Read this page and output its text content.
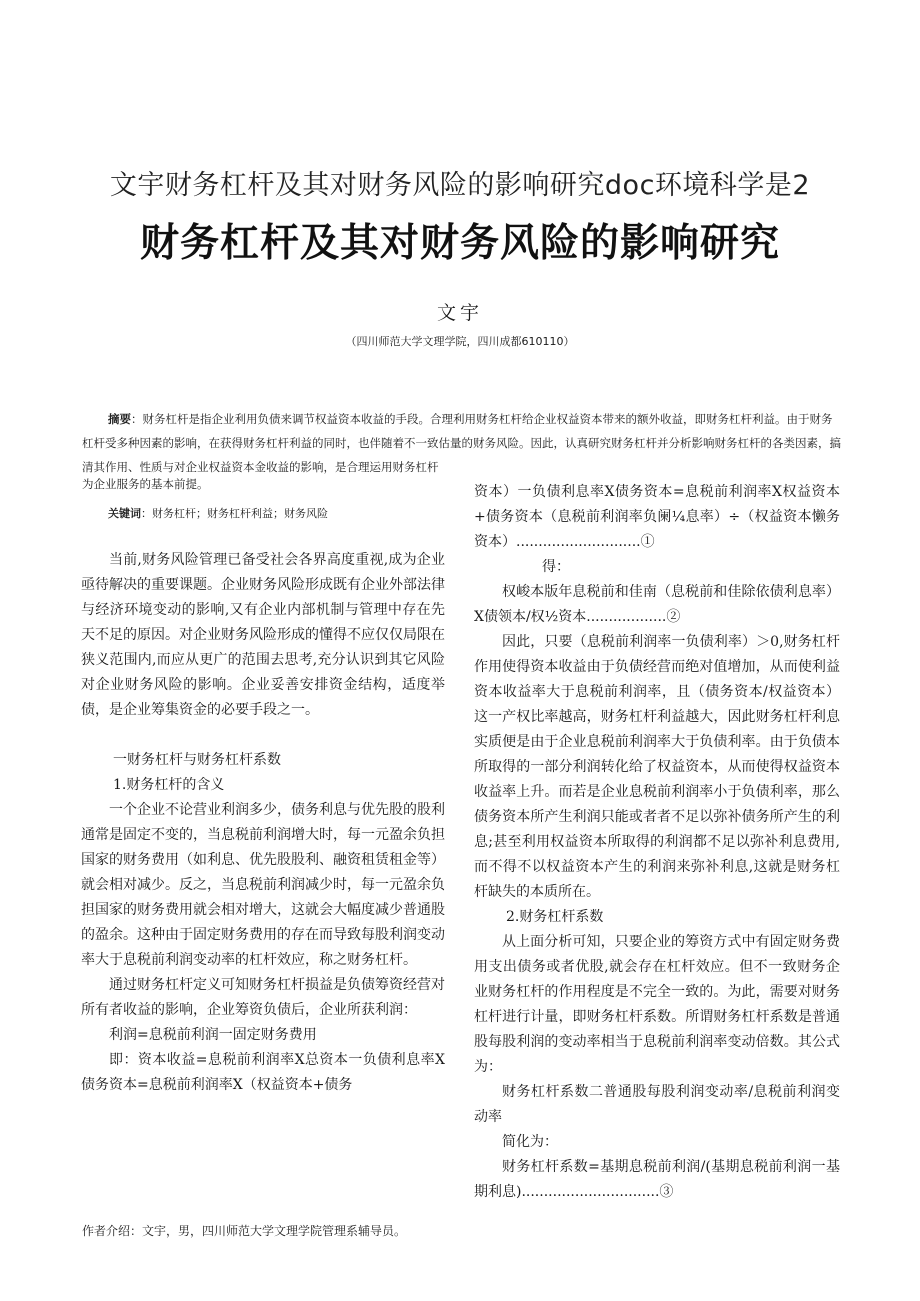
文宇财务杠杆及其对财务风险的影响研究doc环境科学是2
财务杠杆及其对财务风险的影响研究
文宇
（四川师范大学文理学院，四川成都610110）
摘要：财务杠杆是指企业利用负债来调节权益资本收益的手段。合理利用财务杠杆给企业权益资本带来的额外收益，即财务杠杆利益。由于财务杠杆受多种因素的影响，在获得财务杠杆利益的同时，也伴随着不一致估量的财务风险。因此，认真研究财务杠杆并分析影响财务杠杆的各类因素，搞清其作用、性质与对企业权益资本金收益的影响，是合理运用财务杠杆
为企业服务的基本前提。
关键词：财务杠杆；财务杠杆利益；财务风险

当前,财务风险管理已备受社会各界高度重视,成为企业亟待解决的重要课题。企业财务风险形成既有企业外部法律与经济环境变动的影响,又有企业内部机制与管理中存在先天不足的原因。对企业财务风险形成的懂得不应仅仅局限在狭义范围内,而应从更广的范围去思考,充分认识到其它风险对企业财务风险的影响。企业妥善安排资金结构，适度举债，是企业筹集资金的必要手段之一。

一财务杠杆与财务杠杆系数

1.财务杠杆的含义

一个企业不论营业利润多少，债务利息与优先股的股利通常是固定不变的，当息税前利润增大时，每一元盈余负担国家的财务费用（如利息、优先股股利、融资租赁租金等）就会相对减少。反之，当息税前利润减少时，每一元盈余负担国家的财务费用就会相对增大，这就会大幅度减少普通股的盈余。这种由于固定财务费用的存在而导致每股利润变动率大于息税前利润变动率的杠杆效应，称之财务杠杆。

通过财务杠杆定义可知财务杠杆损益是负债筹资经营对所有者收益的影响，企业筹资负债后，企业所获利润：

利润=息税前利润一固定财务费用

即：资本收益=息税前利润率X总资本一负债利息率X债务资本=息税前利润率X（权益资本+债务

资本）一负债利息率X债务资本=息税前利润率X权益资本+债务资本（息税前利润率负阑¼息率）÷（权益资本懒务资本）............................①

得：

权峻本版年息税前和佳南（息税前和佳除依债利息率）X债领本/权½资本..................②

因此，只要（息税前利润率一负债利率）＞0,财务杠杆作用使得资本收益由于负债经营而绝对值增加，从而使利益资本收益率大于息税前利润率，且（债务资本/权益资本）这一产权比率越高，财务杠杆利益越大，因此财务杠杆利息实质便是由于企业息税前利润率大于负债利率。由于负债本所取得的一部分利润转化给了权益资本，从而使得权益资本收益率上升。而若是企业息税前利润率小于负债利率，那么债务资本所产生利润只能或者者不足以弥补债务所产生的利息;甚至利用权益资本所取得的利润都不足以弥补利息费用,而不得不以权益资本产生的利润来弥补利息,这就是财务杠杆缺失的本质所在。

2.财务杠杆系数

从上面分析可知，只要企业的筹资方式中有固定财务费用支出债务或者优股,就会存在杠杆效应。但不一致财务企业财务杠杆的作用程度是不完全一致的。为此，需要对财务杠杆进行计量，即财务杠杆系数。所谓财务杠杆系数是普通股每股利润的变动率相当于息税前利润率变动倍数。其公式为：

财务杠杆系数二普通股每股利润变动率/息税前利润变动率

简化为：

财务杠杆系数=基期息税前利润/(基期息税前利润一基期利息)...............................③

作者介绍：文宇，男，四川师范大学文理学院管理系辅导员。
